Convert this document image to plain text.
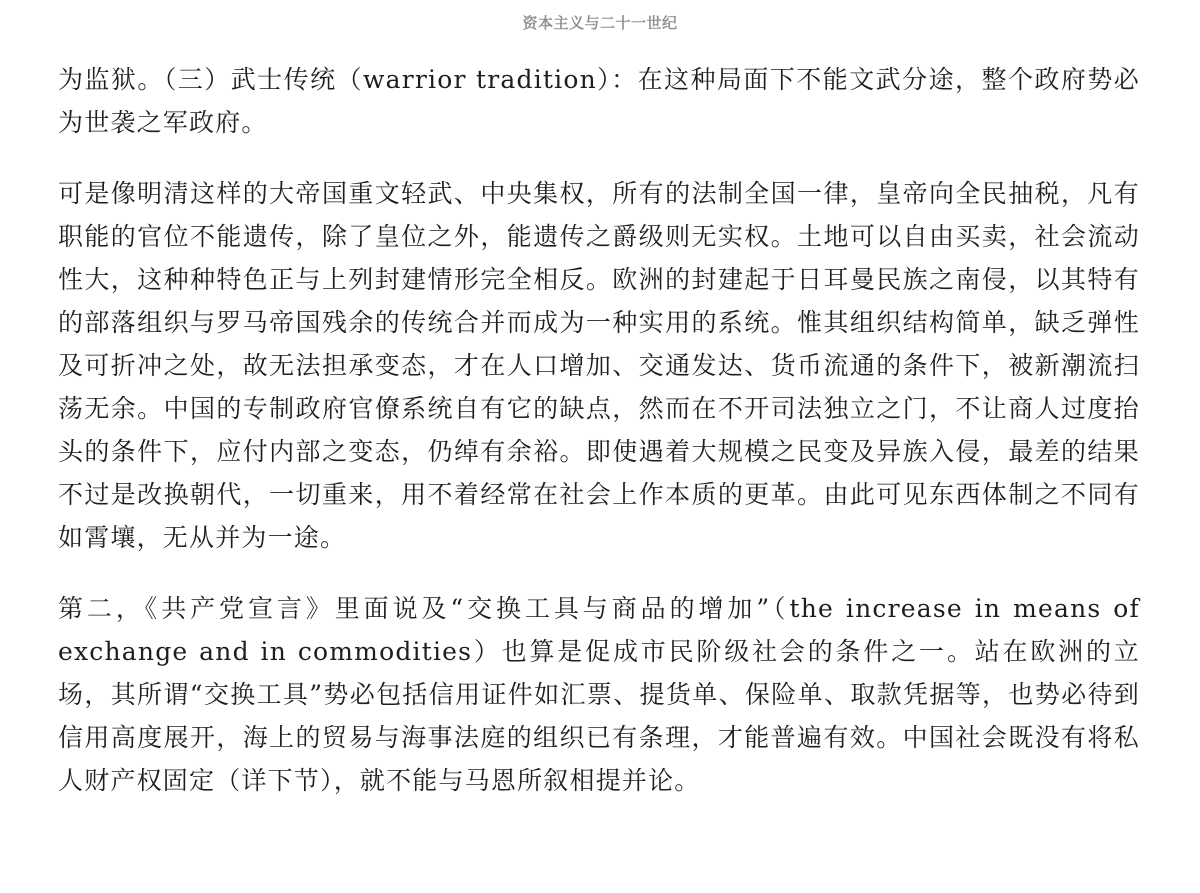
资本主义与二十一世纪

为监狱。（三）武士传统（warrior tradition）：在这种局面下不能文武分途，整个政府势必为世袭之军政府。

可是像明清这样的大帝国重文轻武、中央集权，所有的法制全国一律，皇帝向全民抽税，凡有职能的官位不能遗传，除了皇位之外，能遗传之爵级则无实权。土地可以自由买卖，社会流动性大，这种种特色正与上列封建情形完全相反。欧洲的封建起于日耳曼民族之南侵，以其特有的部落组织与罗马帝国残余的传统合并而成为一种实用的系统。惟其组织结构简单，缺乏弹性及可折冲之处，故无法担承变态，才在人口增加、交通发达、货币流通的条件下，被新潮流扫荡无余。中国的专制政府官僚系统自有它的缺点，然而在不开司法独立之门，不让商人过度抬头的条件下，应付内部之变态，仍绰有余裕。即使遇着大规模之民变及异族入侵，最差的结果不过是改换朝代，一切重来，用不着经常在社会上作本质的更革。由此可见东西体制之不同有如霄壤，无从并为一途。

第二，《共产党宣言》里面说及“交换工具与商品的增加”（the increase in means of exchange and in commodities）也算是促成市民阶级社会的条件之一。站在欧洲的立场，其所谓“交换工具”势必包括信用证件如汇票、提货单、保险单、取款凭据等，也势必待到信用高度展开，海上的贸易与海事法庭的组织已有条理，才能普遍有效。中国社会既没有将私人财产权固定（详下节），就不能与马恩所叙相提并论。
